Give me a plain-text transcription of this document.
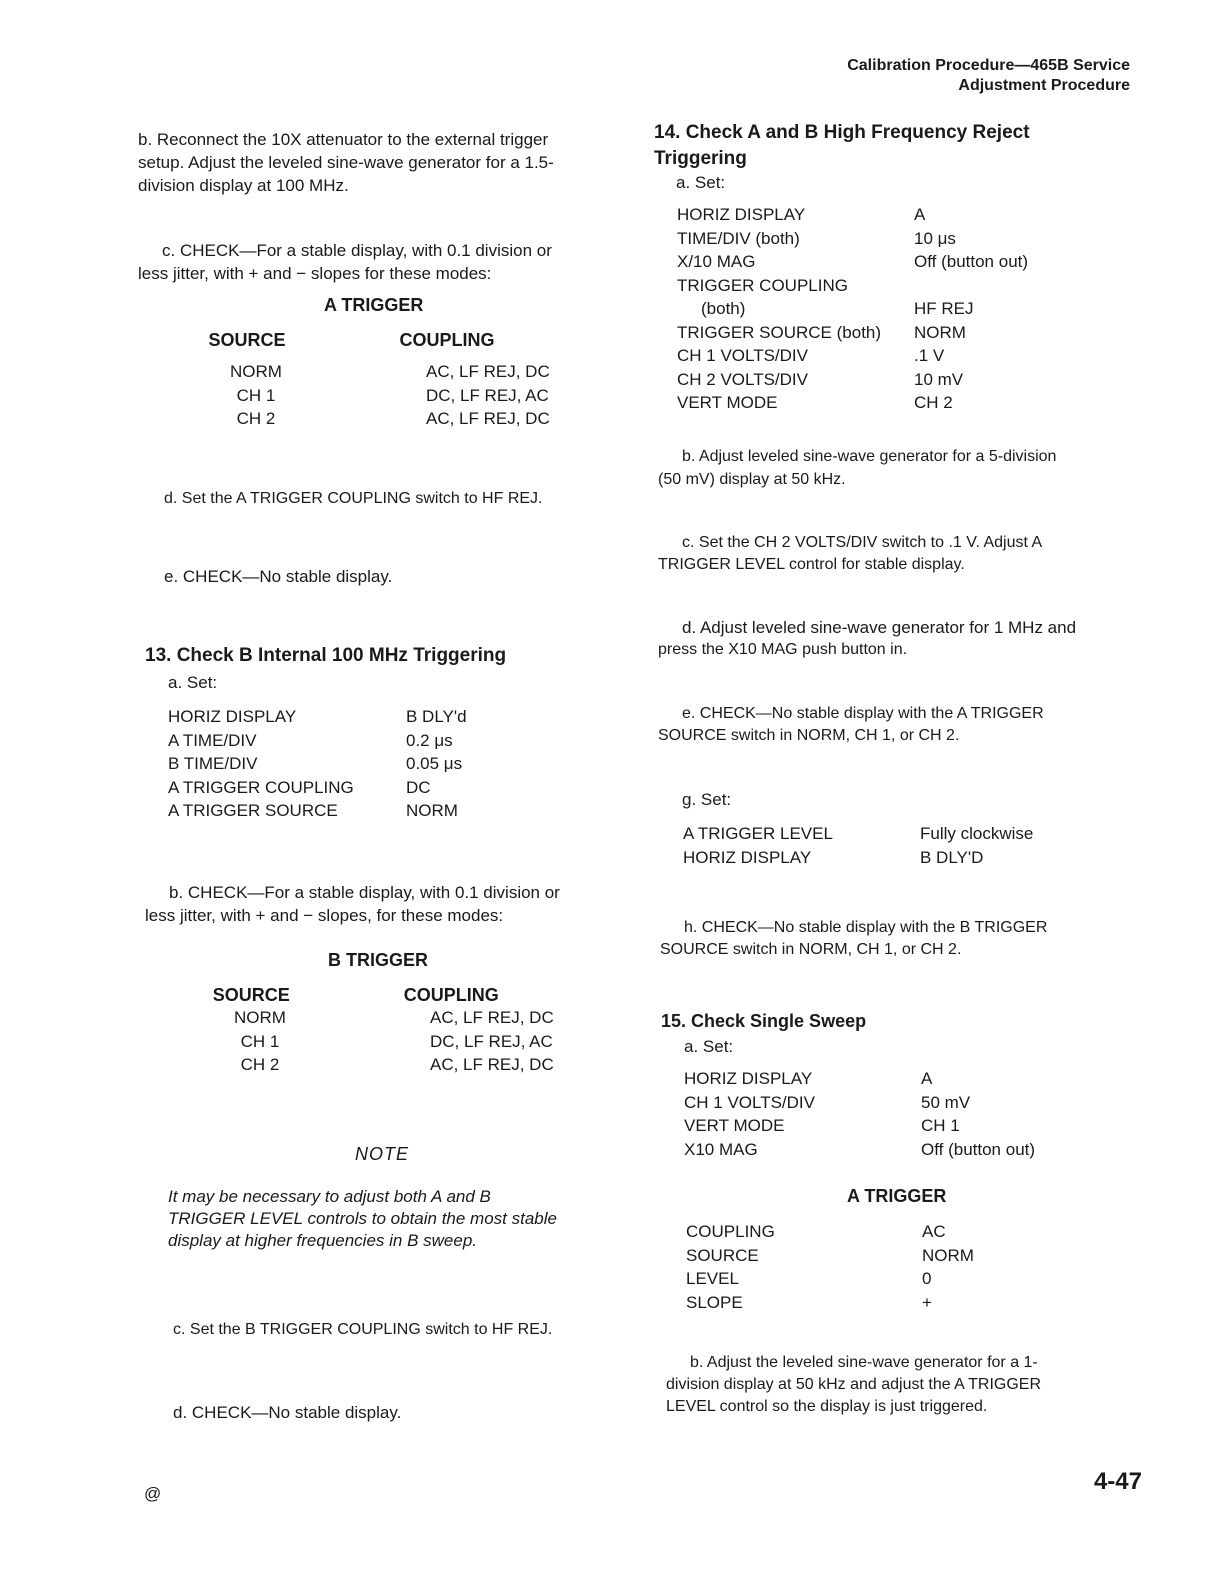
Calibration Procedure—465B Service
Adjustment Procedure
b. Reconnect the 10X attenuator to the external trigger
setup. Adjust the leveled sine-wave generator for a 1.5-
division display at 100 MHz.
c. CHECK—For a stable display, with 0.1 division or
less jitter, with + and − slopes for these modes:
A TRIGGER
SOURCE	COUPLING
NORM	AC, LF REJ, DC
CH 1	DC, LF REJ, AC
CH 2	AC, LF REJ, DC
d. Set the A TRIGGER COUPLING switch to HF REJ.
e. CHECK—No stable display.
13. Check B Internal 100 MHz Triggering
a. Set:
HORIZ DISPLAY	B DLY'd
A TIME/DIV	0.2 μs
B TIME/DIV	0.05 μs
A TRIGGER COUPLING	DC
A TRIGGER SOURCE	NORM
b. CHECK—For a stable display, with 0.1 division or
less jitter, with + and − slopes, for these modes:
B TRIGGER
SOURCE	COUPLING
NORM	AC, LF REJ, DC
CH 1	DC, LF REJ, AC
CH 2	AC, LF REJ, DC
NOTE
It may be necessary to adjust both A and B
TRIGGER LEVEL controls to obtain the most stable
display at higher frequencies in B sweep.
c. Set the B TRIGGER COUPLING switch to HF REJ.
d. CHECK—No stable display.
@
14. Check A and B High Frequency Reject
Triggering
a. Set:
HORIZ DISPLAY	A
TIME/DIV (both)	10 μs
X/10 MAG	Off (button out)
TRIGGER COUPLING
(both)	HF REJ
TRIGGER SOURCE (both)	NORM
CH 1 VOLTS/DIV	.1 V
CH 2 VOLTS/DIV	10 mV
VERT MODE	CH 2
b. Adjust leveled sine-wave generator for a 5-division
(50 mV) display at 50 kHz.
c. Set the CH 2 VOLTS/DIV switch to .1 V. Adjust A
TRIGGER LEVEL control for stable display.
d. Adjust leveled sine-wave generator for 1 MHz and
press the X10 MAG push button in.
e. CHECK—No stable display with the A TRIGGER
SOURCE switch in NORM, CH 1, or CH 2.
g. Set:
A TRIGGER LEVEL	Fully clockwise
HORIZ DISPLAY	B DLY'D
h. CHECK—No stable display with the B TRIGGER
SOURCE switch in NORM, CH 1, or CH 2.
15. Check Single Sweep
a. Set:
HORIZ DISPLAY	A
CH 1 VOLTS/DIV	50 mV
VERT MODE	CH 1
X10 MAG	Off (button out)
A TRIGGER
COUPLING	AC
SOURCE	NORM
LEVEL	0
SLOPE	+
b. Adjust the leveled sine-wave generator for a 1-
division display at 50 kHz and adjust the A TRIGGER
LEVEL control so the display is just triggered.
4-47
